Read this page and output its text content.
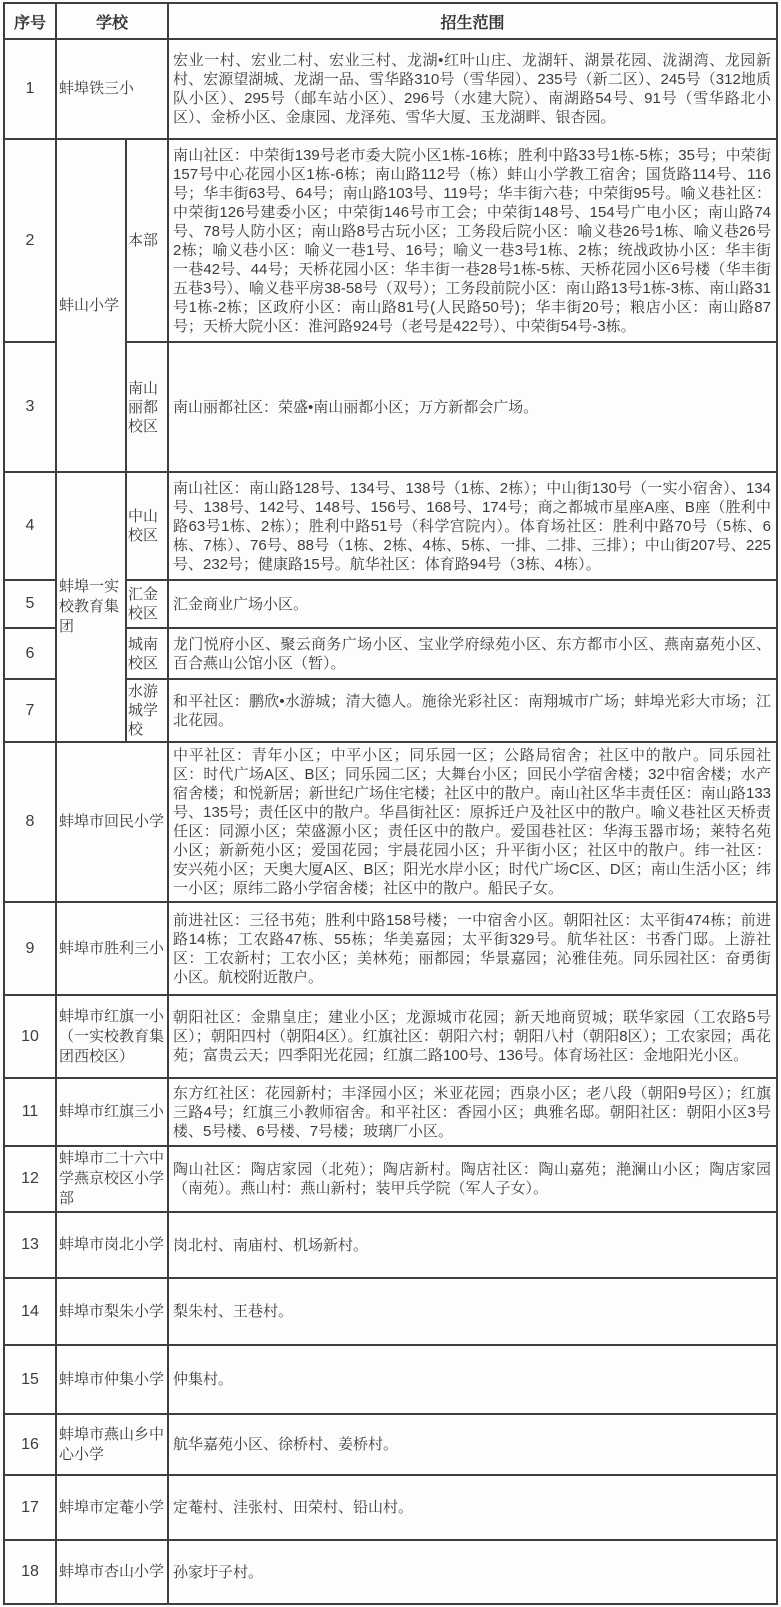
序号	学校		招生范围
1	蚌埠铁三小		宏业一村、宏业二村、宏业三村、龙湖•红叶山庄、龙湖轩、湖景花园、泷湖湾、龙园新村、宏源望湖城、龙湖一品、雪华路310号（雪华园）、235号（新二区）、245号（312地质队小区）、295号（邮车站小区）、296号（水建大院）、南湖路54号、91号（雪华路北小区）、金桥小区、金康园、龙泽苑、雪华大厦、玉龙湖畔、银杏园。
2	蚌山小学	本部	南山社区：中荣街139号老市委大院小区1栋-16栋；胜利中路33号1栋-5栋；35号；中荣街157号中心花园小区1栋-6栋；南山路112号（栋）蚌山小学教工宿舍；国货路114号、116号；华丰街63号、64号；南山路103号、119号；华丰街六巷；中荣街95号。喻义巷社区：中荣街126号建委小区；中荣街146号市工会；中荣街148号、154号广电小区；南山路74号、78号人防小区；南山路8号古玩小区；工务段后院小区：喻义巷26号1栋、喻义巷26号2栋；喻义巷小区：喻义一巷1号、16号；喻义一巷3号1栋、2栋；统战政协小区：华丰街一巷42号、44号；天桥花园小区：华丰街一巷28号1栋-5栋、天桥花园小区6号楼（华丰街五巷3号）、喻义巷平房38-58号（双号）；工务段前院小区：南山路13号1栋-3栋、南山路31号1栋-2栋；区政府小区：南山路81号(人民路50号)；华丰街20号；粮店小区：南山路87号；天桥大院小区：淮河路924号（老号是422号）、中荣街54号-3栋。
3		南山丽都校区	南山丽都社区：荣盛•南山丽都小区；万方新都会广场。
4	蚌埠一实校教育集团	中山校区	南山社区：南山路128号、134号、138号（1栋、2栋）；中山街130号（一实小宿舍）、134号、138号、142号、148号、156号、168号、174号；商之都城市星座A座、B座（胜利中路63号1栋、2栋）；胜利中路51号（科学宫院内）。体育场社区：胜利中路70号（5栋、6栋、7栋）、76号、88号（1栋、2栋、4栋、5栋、一排、二排、三排）；中山街207号、225号、232号；健康路15号。航华社区：体育路94号（3栋、4栋）。
5		汇金校区	汇金商业广场小区。
6		城南校区	龙门悦府小区、聚云商务广场小区、宝业学府绿苑小区、东方都市小区、燕南嘉苑小区、百合燕山公馆小区（暂）。
7		水游城学校	和平社区：鹏欣•水游城；清大德人。施徐光彩社区：南翔城市广场；蚌埠光彩大市场；江北花园。
8	蚌埠市回民小学		中平社区：青年小区；中平小区；同乐园一区；公路局宿舍；社区中的散户。同乐园社区：时代广场A区、B区；同乐园二区；大舞台小区；回民小学宿舍楼；32中宿舍楼；水产宿舍楼；和悦新居；新世纪广场住宅楼；社区中的散户。南山社区华丰责任区：南山路133号、135号；责任区中的散户。华昌街社区：原拆迁户及社区中的散户。喻义巷社区天桥责任区：同源小区；荣盛源小区；责任区中的散户。爱国巷社区：华海玉器市场；莱特名苑小区；新新苑小区；爱国花园；宇晨花园小区；升平街小区；社区中的散户。纬一社区：安兴苑小区；天奥大厦A区、B区；阳光水岸小区；时代广场C区、D区；南山生活小区；纬一小区；原纬二路小学宿舍楼；社区中的散户。船民子女。
9	蚌埠市胜利三小		前进社区：三径书苑；胜利中路158号楼；一中宿舍小区。朝阳社区：太平街474栋；前进路14栋；工农路47栋、55栋；华美嘉园；太平街329号。航华社区：书香门邸。上游社区：工农新村；工农小区；美林苑；丽都园；华景嘉园；沁雅佳苑。同乐园社区：奋勇街小区。航校附近散户。
10	蚌埠市红旗一小（一实校教育集团西校区）		朝阳社区：金鼎皇庄；建业小区；龙源城市花园；新天地商贸城；联华家园（工农路5号区）；朝阳四村（朝阳4区）。红旗社区：朝阳六村；朝阳八村（朝阳8区）；工农家园；禹花苑；富贵云天；四季阳光花园；红旗二路100号、136号。体育场社区：金地阳光小区。
11	蚌埠市红旗三小		东方红社区：花园新村；丰泽园小区；米亚花园；西泉小区；老八段（朝阳9号区）；红旗三路4号；红旗三小教师宿舍。和平社区：香园小区；典雅名邸。朝阳社区：朝阳小区3号楼、5号楼、6号楼、7号楼；玻璃厂小区。
12	蚌埠市二十六中学燕京校区小学部		陶山社区：陶店家园（北苑）；陶店新村。陶店社区：陶山嘉苑；滟澜山小区；陶店家园（南苑）。燕山村：燕山新村；装甲兵学院（军人子女）。
13	蚌埠市岗北小学		岗北村、南庙村、机场新村。
14	蚌埠市梨朱小学		梨朱村、王巷村。
15	蚌埠市仲集小学		仲集村。
16	蚌埠市燕山乡中心小学		航华嘉苑小区、徐桥村、姜桥村。
17	蚌埠市定菴小学		定菴村、洼张村、田荣村、铅山村。
18	蚌埠市杏山小学		孙家圩子村。
